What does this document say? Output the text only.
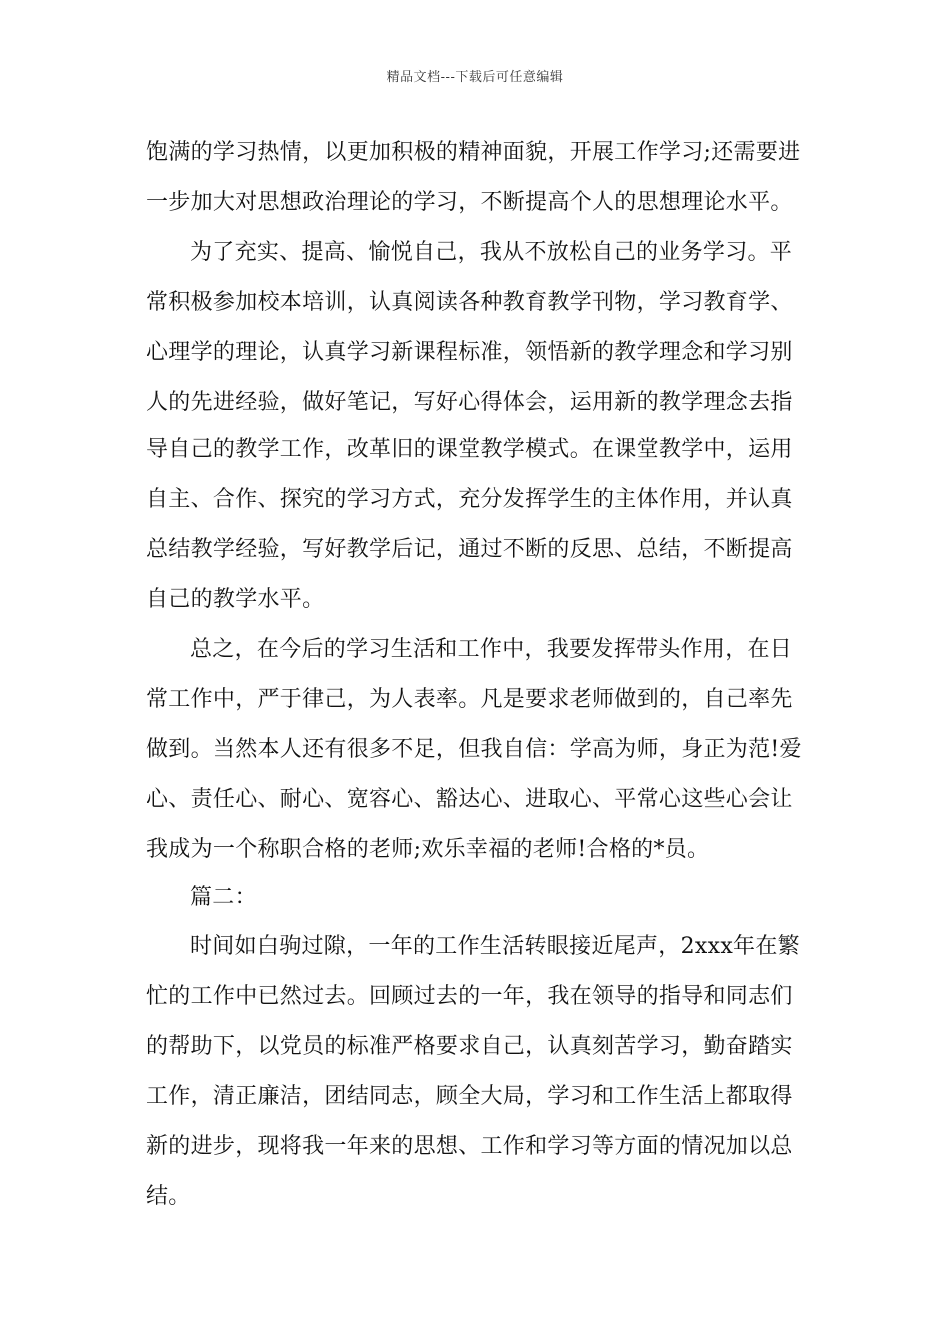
精品文档---下载后可任意编辑
饱满的学习热情，以更加积极的精神面貌，开展工作学习;还需要进
一步加大对思想政治理论的学习，不断提高个人的思想理论水平。
为了充实、提高、愉悦自己，我从不放松自己的业务学习。平
常积极参加校本培训，认真阅读各种教育教学刊物，学习教育学、
心理学的理论，认真学习新课程标准，领悟新的教学理念和学习别
人的先进经验，做好笔记，写好心得体会，运用新的教学理念去指
导自己的教学工作，改革旧的课堂教学模式。在课堂教学中，运用
自主、合作、探究的学习方式，充分发挥学生的主体作用，并认真
总结教学经验，写好教学后记，通过不断的反思、总结，不断提高
自己的教学水平。
总之，在今后的学习生活和工作中，我要发挥带头作用，在日
常工作中，严于律己，为人表率。凡是要求老师做到的，自己率先
做到。当然本人还有很多不足，但我自信：学高为师，身正为范!爱
心、责任心、耐心、宽容心、豁达心、进取心、平常心这些心会让
我成为一个称职合格的老师;欢乐幸福的老师!合格的*员。
篇二：
时间如白驹过隙，一年的工作生活转眼接近尾声，2xxx年在繁
忙的工作中已然过去。回顾过去的一年，我在领导的指导和同志们
的帮助下，以党员的标准严格要求自己，认真刻苦学习，勤奋踏实
工作，清正廉洁，团结同志，顾全大局，学习和工作生活上都取得
新的进步，现将我一年来的思想、工作和学习等方面的情况加以总
结。
